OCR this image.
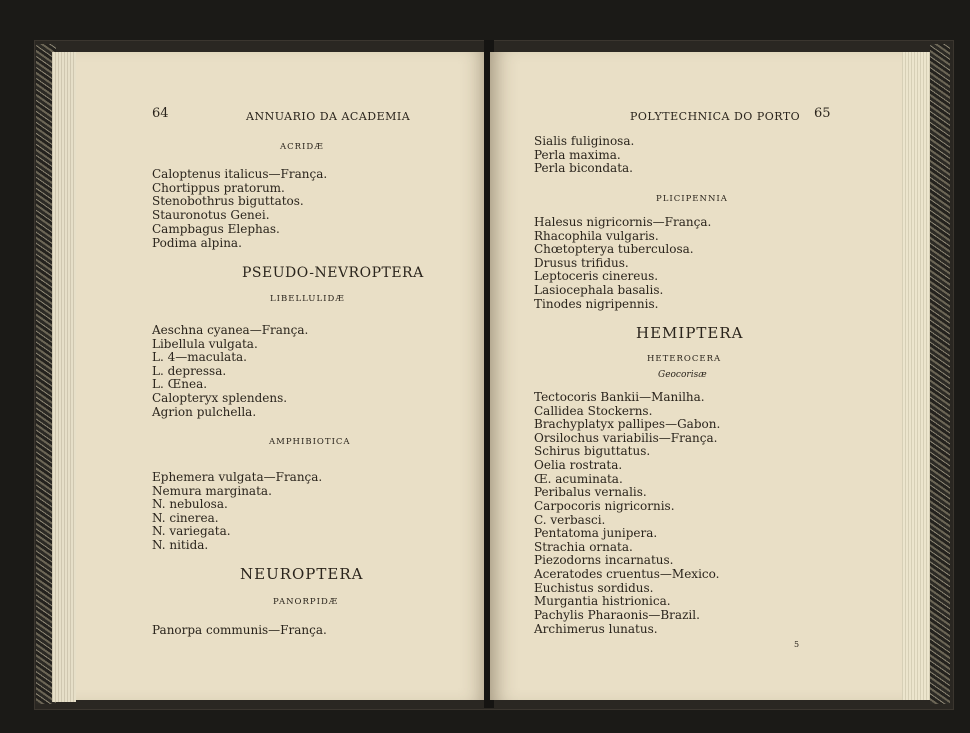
64	ANNUARIO DA ACADEMIA
ACRIDÆ
Caloptenus italicus—França.
Chortippus pratorum.
Stenobothrus biguttatos.
Stauronotus Genei.
Campbagus Elephas.
Podima alpina.
PSEUDO-NEVROPTERA
LIBELLULIDÆ
Aeschna cyanea—França.
Libellula vulgata.
L. 4—maculata.
L. depressa.
L. Œnea.
Calopteryx splendens.
Agrion pulchella.
AMPHIBIOTICA
Ephemera vulgata—França.
Nemura marginata.
N. nebulosa.
N. cinerea.
N. variegata.
N. nitida.
NEUROPTERA
PANORPIDÆ
Panorpa communis—França.
POLYTECHNICA DO PORTO 65
Sialis fuliginosa.
Perla maxima.
Perla bicondata.
PLICIPENNIA
Halesus nigricornis—França.
Rhacophila vulgaris.
Chœtopterya tuberculosa.
Drusus trifidus.
Leptoceris cinereus.
Lasiocephala basalis.
Tinodes nigripennis.
HEMIPTERA
HETEROCERA
Geocorisæ
Tectocoris Bankii—Manilha.
Callidea Stockerns.
Brachyplatyx pallipes—Gabon.
Orsilochus variabilis—França.
Schirus biguttatus.
Oelia rostrata.
Œ. acuminata.
Peribalus vernalis.
Carpocoris nigricornis.
C. verbasci.
Pentatoma junipera.
Strachia ornata.
Piezodorns incarnatus.
Aceratodes cruentus—Mexico.
Euchistus sordidus.
Murgantia histrionica.
Pachylis Pharaonis—Brazil.
Archimerus lunatus.
5
